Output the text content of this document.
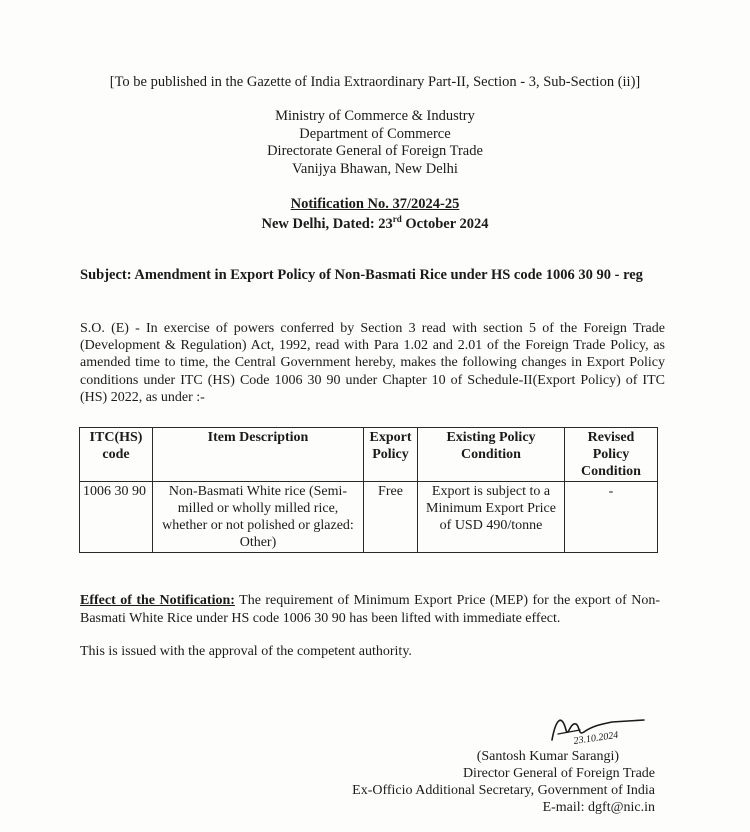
[To be published in the Gazette of India Extraordinary Part-II, Section - 3, Sub-Section (ii)]
Ministry of Commerce & Industry
Department of Commerce
Directorate General of Foreign Trade
Vanijya Bhawan, New Delhi
Notification No. 37/2024-25
New Delhi, Dated: 23rd October 2024
Subject: Amendment in Export Policy of Non-Basmati Rice under HS code 1006 30 90 - reg
S.O. (E) - In exercise of powers conferred by Section 3 read with section 5 of the Foreign Trade (Development & Regulation) Act, 1992, read with Para 1.02 and 2.01 of the Foreign Trade Policy, as amended time to time, the Central Government hereby, makes the following changes in Export Policy conditions under ITC (HS) Code 1006 30 90 under Chapter 10 of Schedule-II(Export Policy) of ITC (HS) 2022, as under :-
ITC(HS) code	Item Description	Export Policy	Existing Policy Condition	Revised Policy Condition
1006 30 90	Non-Basmati White rice (Semi-milled or wholly milled rice, whether or not polished or glazed: Other)	Free	Export is subject to a Minimum Export Price of USD 490/tonne	-
Effect of the Notification: The requirement of Minimum Export Price (MEP) for the export of Non-Basmati White Rice under HS code 1006 30 90 has been lifted with immediate effect.
This is issued with the approval of the competent authority.
23.10.2024
(Santosh Kumar Sarangi)
Director General of Foreign Trade
Ex-Officio Additional Secretary, Government of India
E-mail: dgft@nic.in
